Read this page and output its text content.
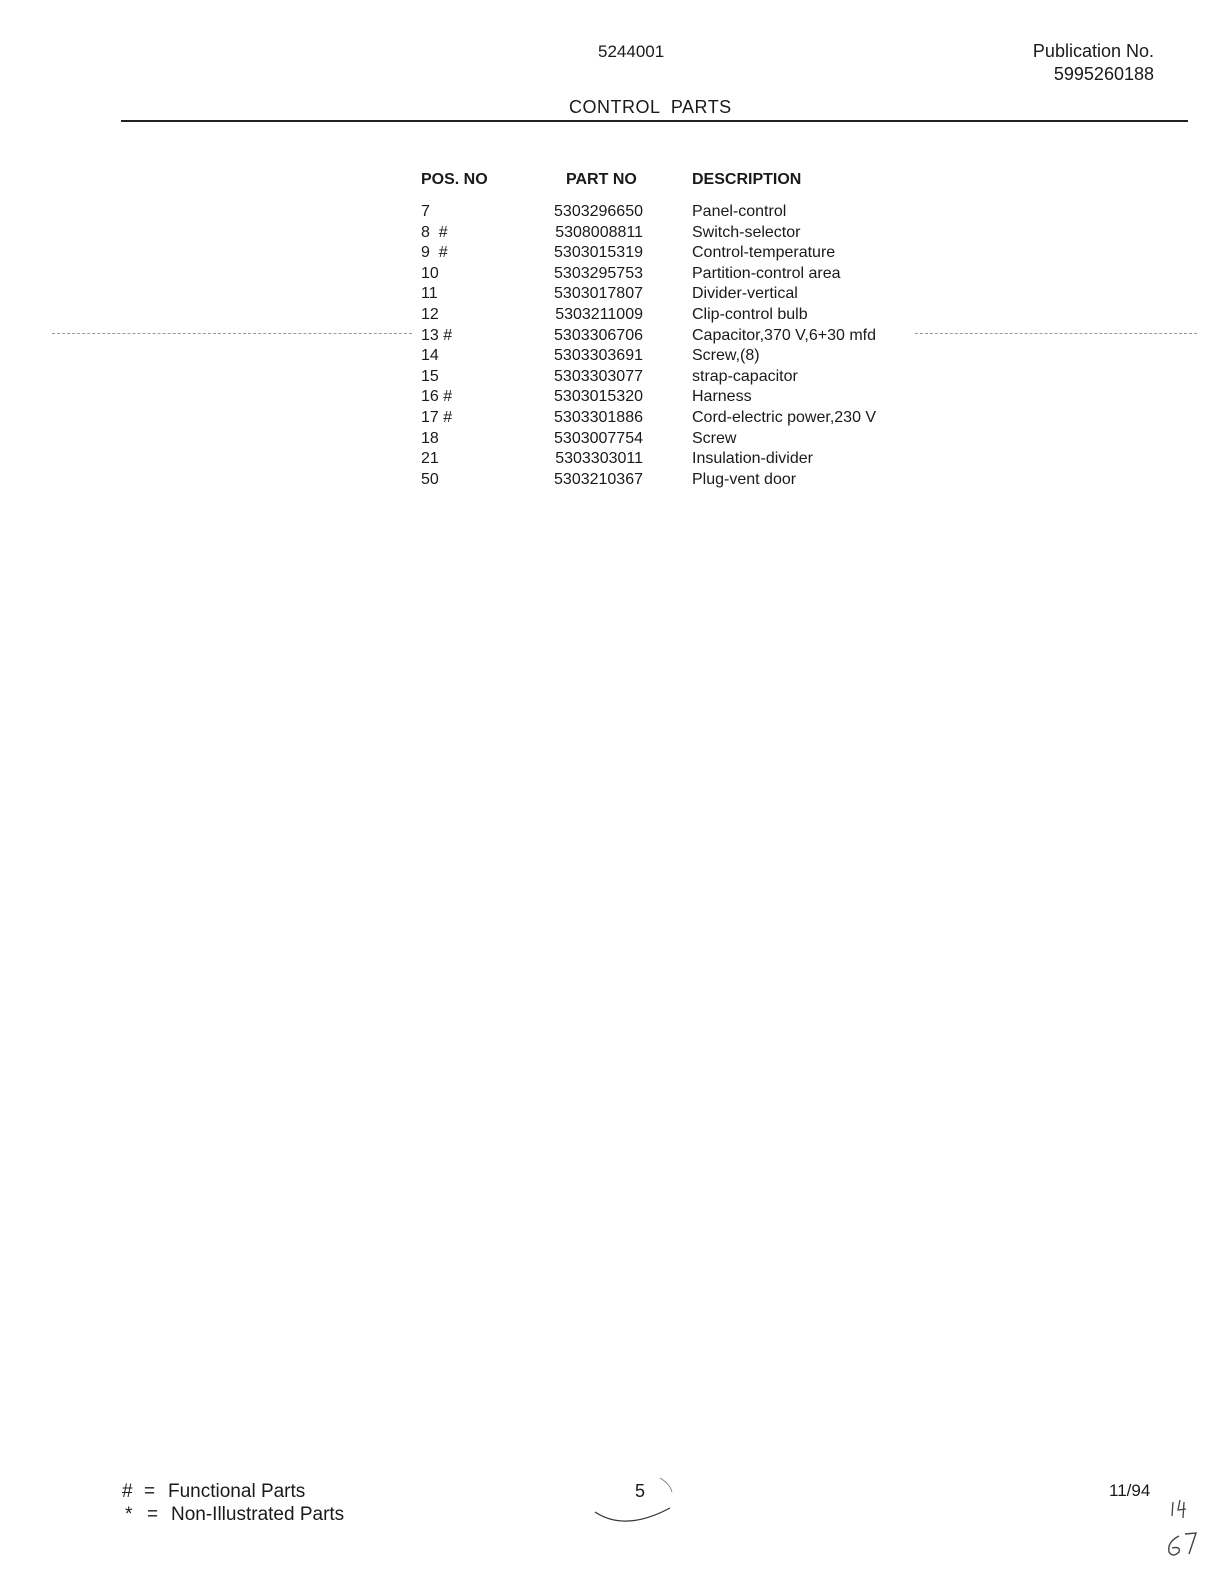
5244001	Publication No.
5995260188
CONTROL  PARTS
POS. NO	PART NO	DESCRIPTION
7	5303296650	Panel-control
8  #	5308008811	Switch-selector
9  #	5303015319	Control-temperature
10	5303295753	Partition-control area
11	5303017807	Divider-vertical
12	5303211009	Clip-control bulb
13 #	5303306706	Capacitor,370 V,6+30 mfd
14	5303303691	Screw,(8)
15	5303303077	strap-capacitor
16 #	5303015320	Harness
17 #	5303301886	Cord-electric power,230 V
18	5303007754	Screw
21	5303303011	Insulation-divider
50	5303210367	Plug-vent door
# = Functional Parts
* = Non-Illustrated Parts
5	11/94
